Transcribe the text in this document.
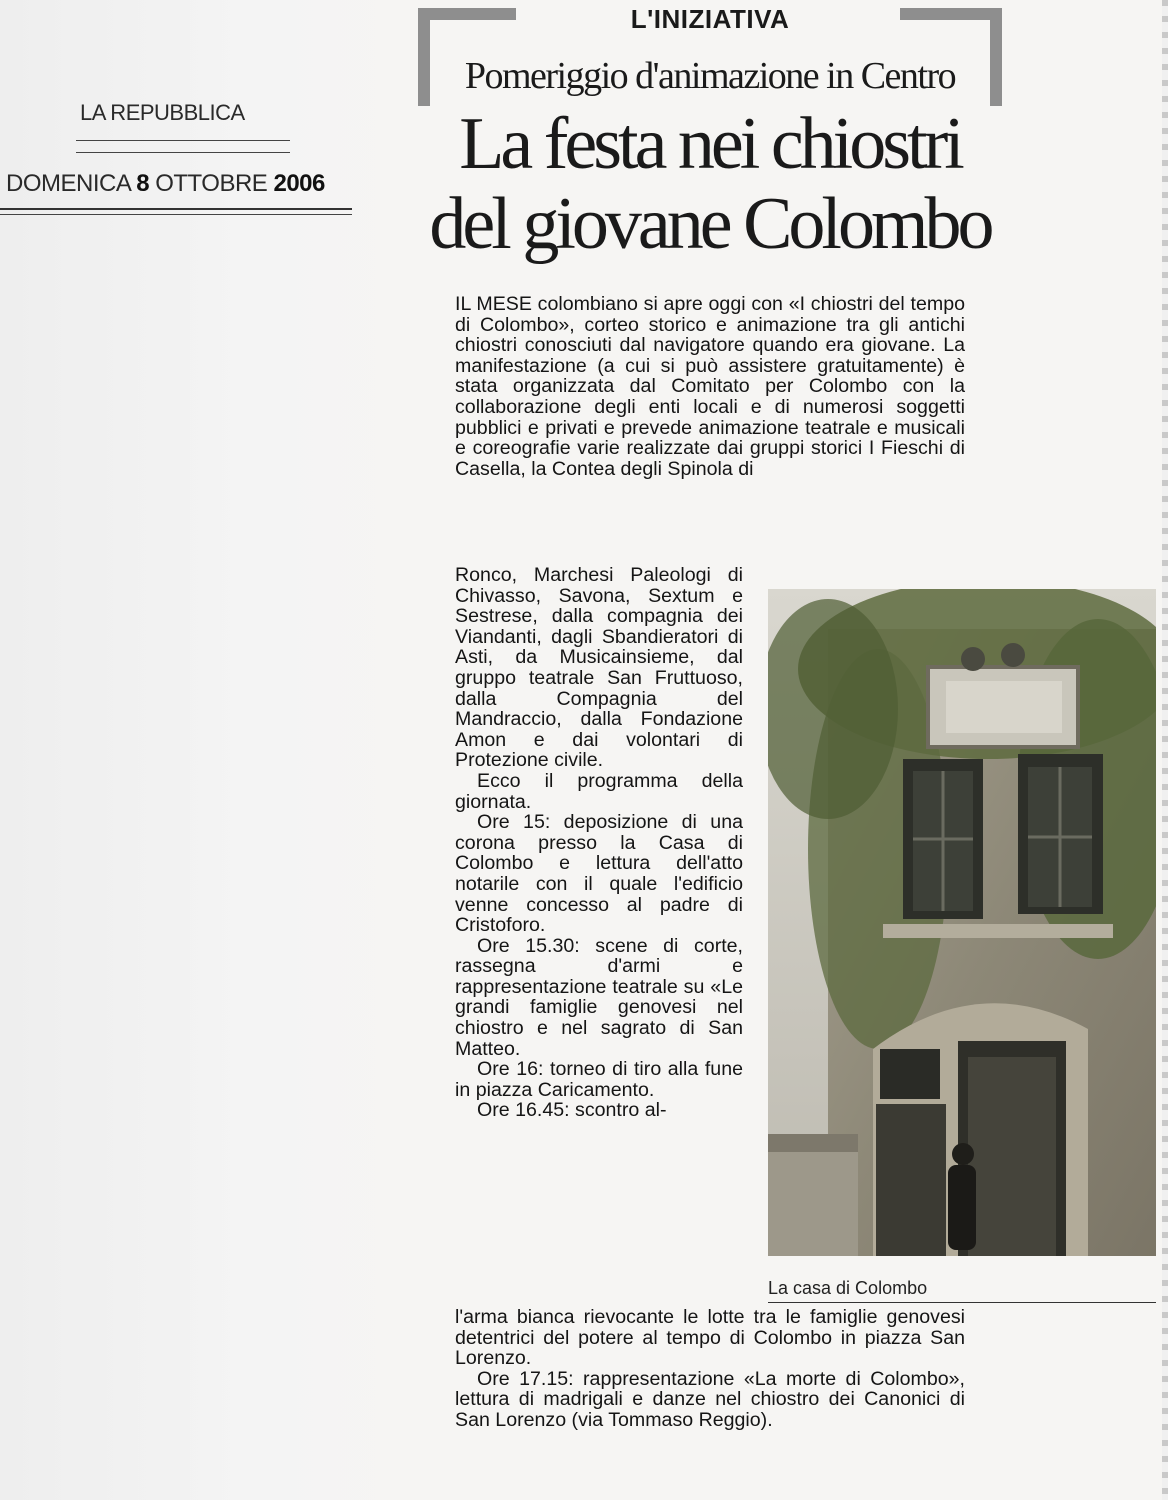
LA REPUBBLICA
DOMENICA 8 OTTOBRE 2006
L'INIZIATIVA
Pomeriggio d'animazione in Centro
La festa nei chiostri
del giovane Colombo

IL MESE colombiano si apre oggi con «I chiostri del tempo di Colombo», corteo storico e animazione tra gli antichi chiostri conosciuti dal navigatore quando era giovane. La manifestazione (a cui si può assistere gratuitamente) è stata organizzata dal Comitato per Colombo con la collaborazione degli enti locali e di numerosi soggetti pubblici e privati e prevede animazione teatrale e musicali e coreografie varie realizzate dai gruppi storici I Fieschi di Casella, la Contea degli Spinola di

Ronco, Marchesi Paleologi di Chivasso, Savona, Sextum e Sestrese, dalla compagnia dei Viandanti, dagli Sbandieratori di Asti, da Musicainsieme, dal gruppo teatrale San Fruttuoso, dalla Compagnia del Mandraccio, dalla Fondazione Amon e dai volontari di Protezione civile.

Ecco il programma della giornata.

Ore 15: deposizione di una corona presso la Casa di Colombo e lettura dell'atto notarile con il quale l'edificio venne concesso al padre di Cristoforo.

Ore 15.30: scene di corte, rassegna d'armi e rappresentazione teatrale su «Le grandi famiglie genovesi nel chiostro e nel sagrato di San Matteo.

Ore 16: torneo di tiro alla fune in piazza Caricamento.

Ore 16.45: scontro al-

l'arma bianca rievocante le lotte tra le famiglie genovesi detentrici del potere al tempo di Colombo in piazza San Lorenzo.

Ore 17.15: rappresentazione «La morte di Colombo», lettura di madrigali e danze nel chiostro dei Canonici di San Lorenzo (via Tommaso Reggio).

La casa di Colombo
